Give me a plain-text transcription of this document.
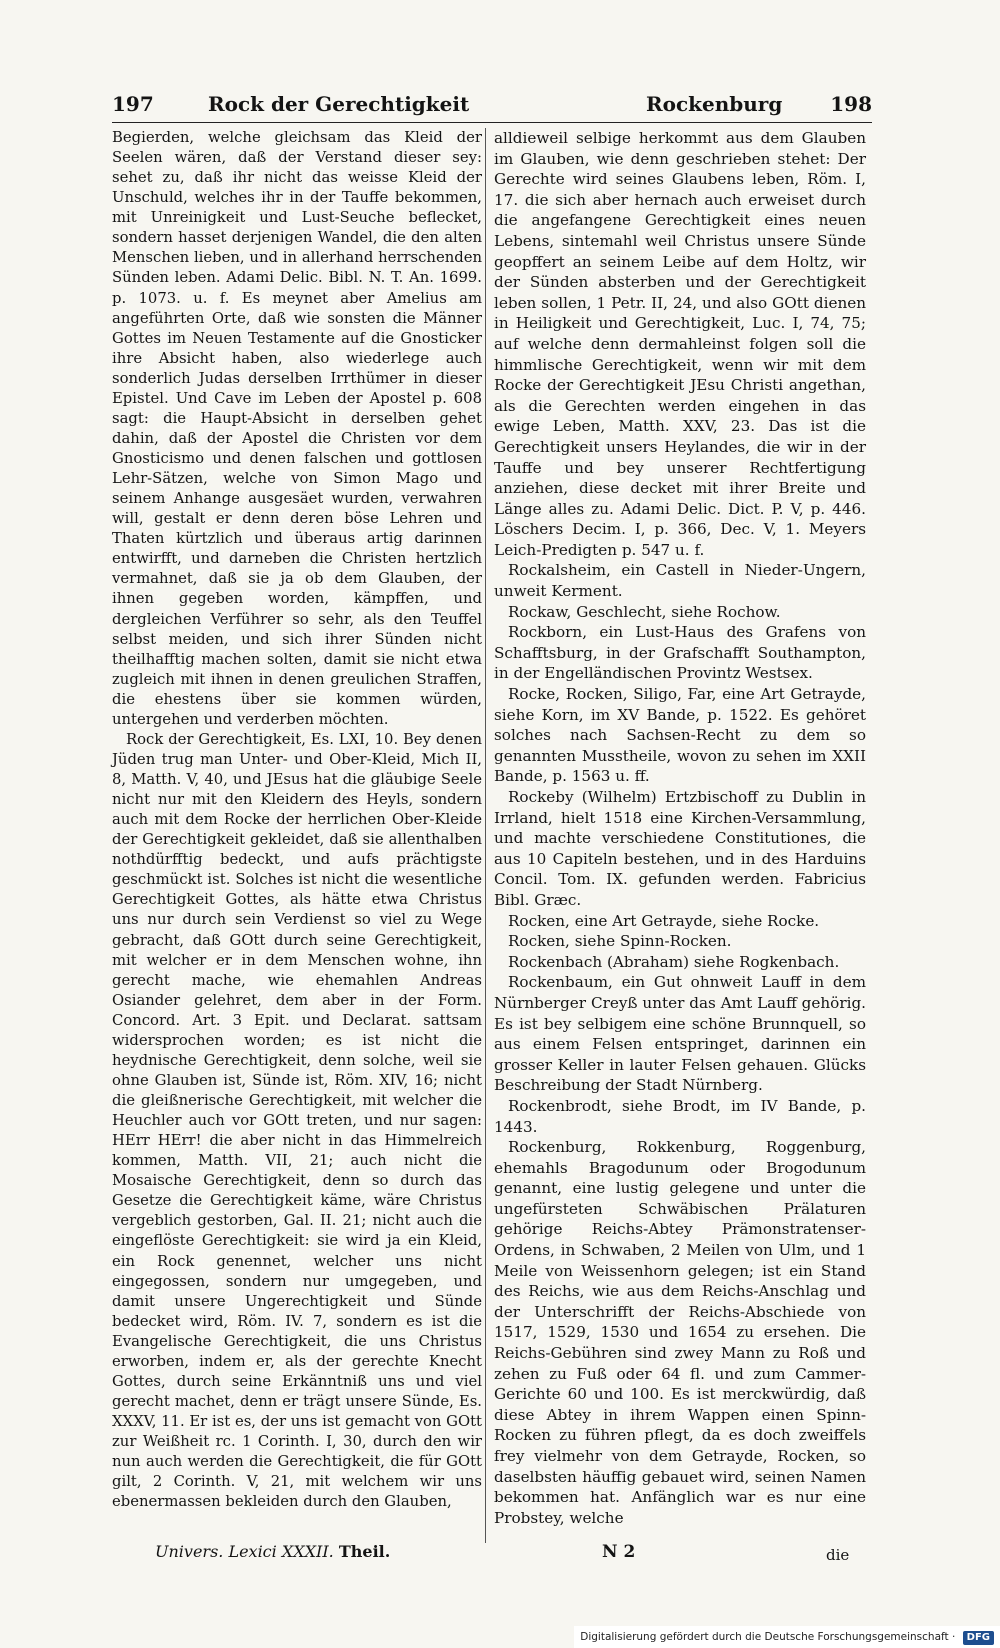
197	Rock der Gerechtigkeit	Rockenburg 198

Begierden, welche gleichsam das Kleid der Seelen wären, daß der Verstand dieser sey: sehet zu, daß ihr nicht das weisse Kleid der Unschuld, welches ihr in der Tauffe bekommen, mit Unreinigkeit und Lust-Seuche beflecket, sondern hasset derjenigen Wandel, die den alten Menschen lieben, und in allerhand herrschenden Sünden leben. Adami Delic. Bibl. N. T. An. 1699. p. 1073. u. f. Es meynet aber Amelius am angeführten Orte, daß wie sonsten die Männer Gottes im Neuen Testamente auf die Gnosticker ihre Absicht haben, also wiederlege auch sonderlich Judas derselben Irrthümer in dieser Epistel. Und Cave im Leben der Apostel p. 608 sagt: die Haupt-Absicht in derselben gehet dahin, daß der Apostel die Christen vor dem Gnosticismo und denen falschen und gottlosen Lehr-Sätzen, welche von Simon Mago und seinem Anhange ausgesäet wurden, verwahren will, gestalt er denn deren böse Lehren und Thaten kürtzlich und überaus artig darinnen entwirfft, und darneben die Christen hertzlich vermahnet, daß sie ja ob dem Glauben, der ihnen gegeben worden, kämpffen, und dergleichen Verführer so sehr, als den Teuffel selbst meiden, und sich ihrer Sünden nicht theilhafftig machen solten, damit sie nicht etwa zugleich mit ihnen in denen greulichen Straffen, die ehestens über sie kommen würden, untergehen und verderben möchten.

Rock der Gerechtigkeit, Es. LXI, 10. Bey denen Jüden trug man Unter- und Ober-Kleid, Mich II, 8, Matth. V, 40, und JEsus hat die gläubige Seele nicht nur mit den Kleidern des Heyls, sondern auch mit dem Rocke der herrlichen Ober-Kleide der Gerechtigkeit gekleidet, daß sie allenthalben nothdürfftig bedeckt, und aufs prächtigste geschmückt ist. Solches ist nicht die wesentliche Gerechtigkeit Gottes, als hätte etwa Christus uns nur durch sein Verdienst so viel zu Wege gebracht, daß GOtt durch seine Gerechtigkeit, mit welcher er in dem Menschen wohne, ihn gerecht mache, wie ehemahlen Andreas Osiander gelehret, dem aber in der Form. Concord. Art. 3 Epit. und Declarat. sattsam widersprochen worden; es ist nicht die heydnische Gerechtigkeit, denn solche, weil sie ohne Glauben ist, Sünde ist, Röm. XIV, 16; nicht die gleißnerische Gerechtigkeit, mit welcher die Heuchler auch vor GOtt treten, und nur sagen: HErr HErr! die aber nicht in das Himmelreich kommen, Matth. VII, 21; auch nicht die Mosaische Gerechtigkeit, denn so durch das Gesetze die Gerechtigkeit käme, wäre Christus vergeblich gestorben, Gal. II. 21; nicht auch die eingeflöste Gerechtigkeit: sie wird ja ein Kleid, ein Rock genennet, welcher uns nicht eingegossen, sondern nur umgegeben, und damit unsere Ungerechtigkeit und Sünde bedecket wird, Röm. IV. 7, sondern es ist die Evangelische Gerechtigkeit, die uns Christus erworben, indem er, als der gerechte Knecht Gottes, durch seine Erkänntniß uns und viel gerecht machet, denn er trägt unsere Sünde, Es. XXXV, 11. Er ist es, der uns ist gemacht von GOtt zur Weißheit rc. 1 Corinth. I, 30, durch den wir nun auch werden die Gerechtigkeit, die für GOtt gilt, 2 Corinth. V, 21, mit welchem wir uns ebenermassen bekleiden durch den Glauben,

alldieweil selbige herkommt aus dem Glauben im Glauben, wie denn geschrieben stehet: Der Gerechte wird seines Glaubens leben, Röm. I, 17. die sich aber hernach auch erweiset durch die angefangene Gerechtigkeit eines neuen Lebens, sintemahl weil Christus unsere Sünde geopffert an seinem Leibe auf dem Holtz, wir der Sünden absterben und der Gerechtigkeit leben sollen, 1 Petr. II, 24, und also GOtt dienen in Heiligkeit und Gerechtigkeit, Luc. I, 74, 75; auf welche denn dermahleinst folgen soll die himmlische Gerechtigkeit, wenn wir mit dem Rocke der Gerechtigkeit JEsu Christi angethan, als die Gerechten werden eingehen in das ewige Leben, Matth. XXV, 23. Das ist die Gerechtigkeit unsers Heylandes, die wir in der Tauffe und bey unserer Rechtfertigung anziehen, diese decket mit ihrer Breite und Länge alles zu. Adami Delic. Dict. P. V, p. 446. Löschers Decim. I, p. 366, Dec. V, 1. Meyers Leich-Predigten p. 547 u. f.

Rockalsheim, ein Castell in Nieder-Ungern, unweit Kerment.

Rockaw, Geschlecht, siehe Rochow.

Rockborn, ein Lust-Haus des Grafens von Schafftsburg, in der Grafschafft Southampton, in der Engelländischen Provintz Westsex.

Rocke, Rocken, Siligo, Far, eine Art Getrayde, siehe Korn, im XV Bande, p. 1522. Es gehöret solches nach Sachsen-Recht zu dem so genannten Musstheile, wovon zu sehen im XXII Bande, p. 1563 u. ff.

Rockeby (Wilhelm) Ertzbischoff zu Dublin in Irrland, hielt 1518 eine Kirchen-Versammlung, und machte verschiedene Constitutiones, die aus 10 Capiteln bestehen, und in des Harduins Concil. Tom. IX. gefunden werden. Fabricius Bibl. Græc.

Rocken, eine Art Getrayde, siehe Rocke.

Rocken, siehe Spinn-Rocken.

Rockenbach (Abraham) siehe Rogkenbach.

Rockenbaum, ein Gut ohnweit Lauff in dem Nürnberger Creyß unter das Amt Lauff gehörig. Es ist bey selbigem eine schöne Brunnquell, so aus einem Felsen entspringet, darinnen ein grosser Keller in lauter Felsen gehauen. Glücks Beschreibung der Stadt Nürnberg.

Rockenbrodt, siehe Brodt, im IV Bande, p. 1443.

Rockenburg, Rokkenburg, Roggenburg, ehemahls Bragodunum oder Brogodunum genannt, eine lustig gelegene und unter die ungefürsteten Schwäbischen Prälaturen gehörige Reichs-Abtey Prämonstratenser-Ordens, in Schwaben, 2 Meilen von Ulm, und 1 Meile von Weissenhorn gelegen; ist ein Stand des Reichs, wie aus dem Reichs-Anschlag und der Unterschrifft der Reichs-Abschiede von 1517, 1529, 1530 und 1654 zu ersehen. Die Reichs-Gebühren sind zwey Mann zu Roß und zehen zu Fuß oder 64 fl. und zum Cammer-Gerichte 60 und 100. Es ist merckwürdig, daß diese Abtey in ihrem Wappen einen Spinn-Rocken zu führen pflegt, da es doch zweiffels frey vielmehr von dem Getrayde, Rocken, so daselbsten häuffig gebauet wird, seinen Namen bekommen hat. Anfänglich war es nur eine Probstey, welche

Univers. Lexici XXXII. Theil.	N 2	die
Digitalisierung gefördert durch die Deutsche Forschungsgemeinschaft · DFG
